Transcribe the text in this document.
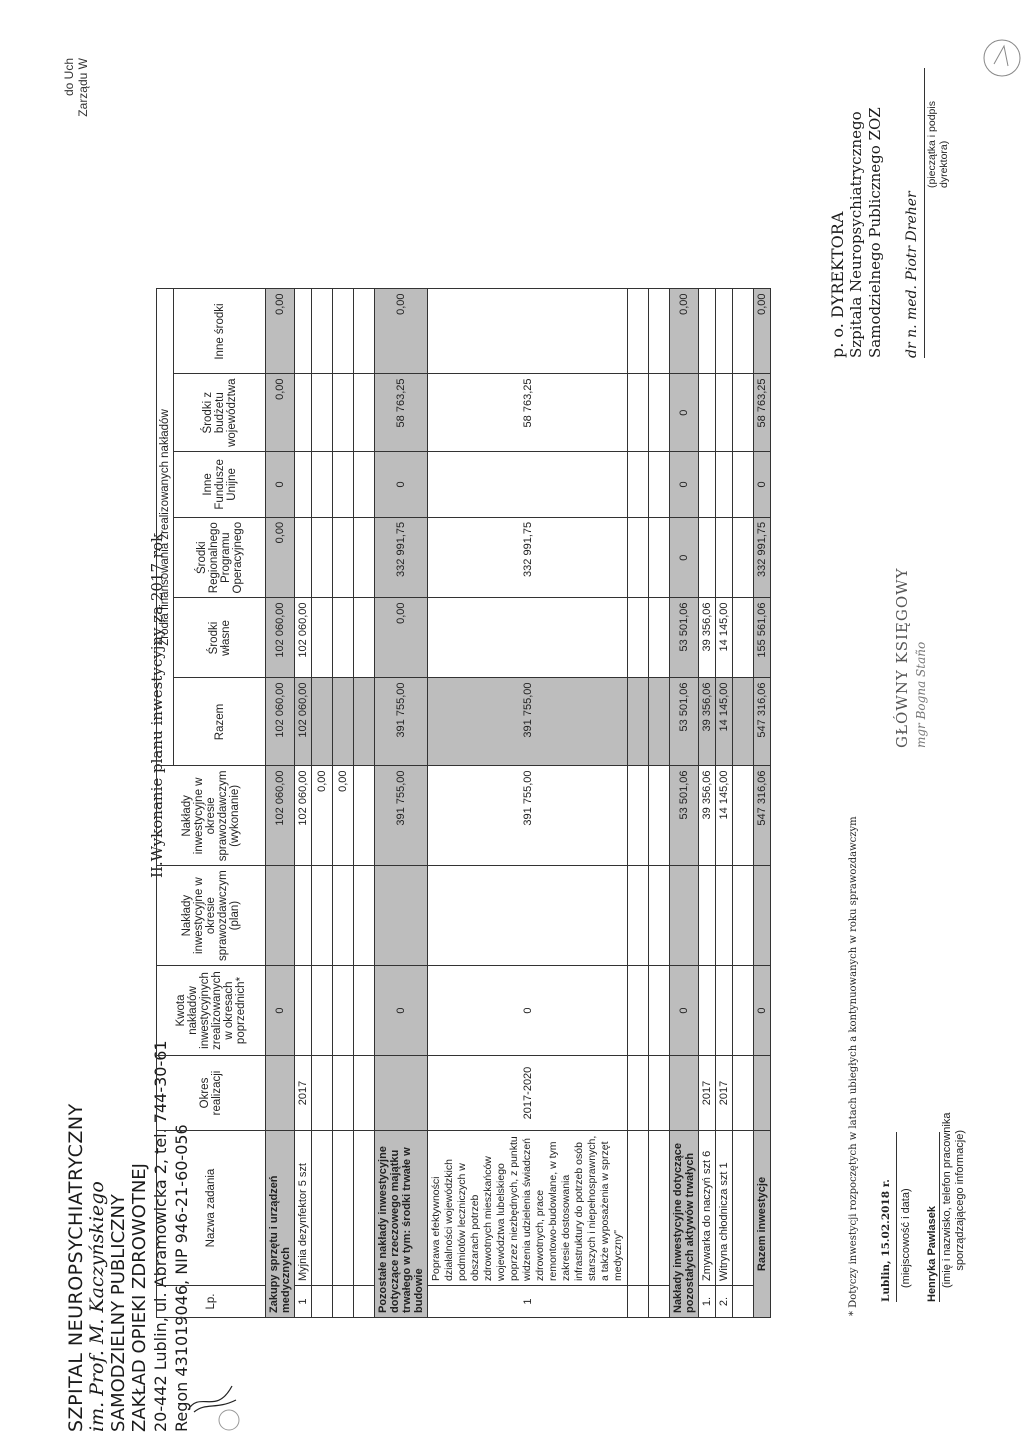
SZPITAL NEUROPSYCHIATRYCZNY im. Prof. M. Kaczyńskiego SAMODZIELNY PUBLICZNY ZAKŁAD OPIEKI ZDROWOTNEJ 20-442 Lublin, ul. Abramowicka 2, tel. 744-30-61 Regon 431019046, NIP 946-21-60-056
do Uch Zarządu W
II.Wykonanie planu inwestycyjny za 2017 rok
Lp.	Nazwa zadania	Okres realizacji	Kwota nakładów inwestycyjnych zrealizowanych w okresach poprzednich*	Nakłady inwestycyjne w okresie sprawozdawczym (plan)	Nakłady inwestycyjne w okresie sprawozdawczym (wykonanie)	Źródła finansowania zrealizowanych nakładów					
						Razem	Środki własne	Środki Regionalnego Programu Operacyjnego	Inne Fundusze Unijne	Środki z budżetu województwa	Inne środki
Zakupy sprzętu i urządzeń medycznych			0		102 060,00	102 060,00	102 060,00	0,00	0	0,00	0,00
1	Myjnia dezynfektor 5 szt	2017			102 060,00	102 060,00	102 060,00				
					0,00						
					0,00						

Pozostałe nakłady inwestycyjne dotyczące rzeczowego majątku trwałego w tym: środki trwałe w budowie			0		391 755,00	391 755,00	0,00	332 991,75	0	58 763,25	0,00
1	Poprawa efektywności działalności wojewódzkich podmiotów leczniczych w obszarach potrzeb zdrowotnych mieszkańców województwa lubelskiego poprzez niezbędnych, z punktu widzenia udzielenia świadczeń zdrowotnych, prace remontowo-budowlane, w tym zakresie dostosowania infrastruktury do potrzeb osób starszych i niepełnosprawnych, a także wyposażenia w sprzęt medyczny"	2017-2020	0		391 755,00	391 755,00		332 991,75		58 763,25	

Nakłady inwestycyjne dotyczące pozostałych aktywów trwałych			0		53 501,06	53 501,06	53 501,06	0	0	0	0,00
1.	Zmywarka do naczyń szt 6	2017			39 356,06	39 356,06	39 356,06				
2.	Witryna chłodnicza szt 1	2017			14 145,00	14 145,00	14 145,00				

Razem inwestycje			0		547 316,06	547 316,06	155 561,06	332 991,75	0	58 763,25	0,00
* Dotyczy inwestycji rozpoczętych w latach ubiegłych a kontynuowanych w roku sprawozdawczym Lublin, 15.02.2018 r. (miejscowość i data) Henryka Pawlasek (imię i nazwisko, telefon pracownika sporządzającego informacje)
GŁÓWNY KSIĘGOWY mgr Bogna Staño
p. o. DYREKTORA Szpitala Neuropsychiatrycznego Samodzielnego Publicznego ZOZ dr n. med. Piotr Dreher
(pieczątka i podpis dyrektora)
